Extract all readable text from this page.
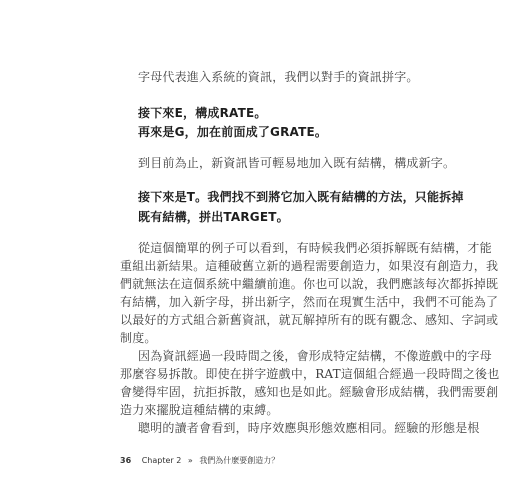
字母代表進入系統的資訊，我們以對手的資訊拼字。
接下來E，構成RATE。
再來是G，加在前面成了GRATE。
到目前為止，新資訊皆可輕易地加入既有結構，構成新字。
接下來是T。我們找不到將它加入既有結構的方法，只能拆掉
既有結構，拼出TARGET。
從這個簡單的例子可以看到，有時候我們必須拆解既有結構，才能
重組出新結果。這種破舊立新的過程需要創造力，如果沒有創造力，我
們就無法在這個系統中繼續前進。你也可以說，我們應該每次都拆掉既
有結構，加入新字母，拼出新字，然而在現實生活中，我們不可能為了
以最好的方式組合新舊資訊，就瓦解掉所有的既有觀念、感知、字詞或
制度。
因為資訊經過一段時間之後，會形成特定結構，不像遊戲中的字母
那麼容易拆散。即使在拼字遊戲中，RAT這個組合經過一段時間之後也
會變得牢固，抗拒拆散，感知也是如此。經驗會形成結構，我們需要創
造力來擺脫這種結構的束縛。
聰明的讀者會看到，時序效應與形態效應相同。經驗的形態是根
36 Chapter 2 » 我們為什麼要創造力？
